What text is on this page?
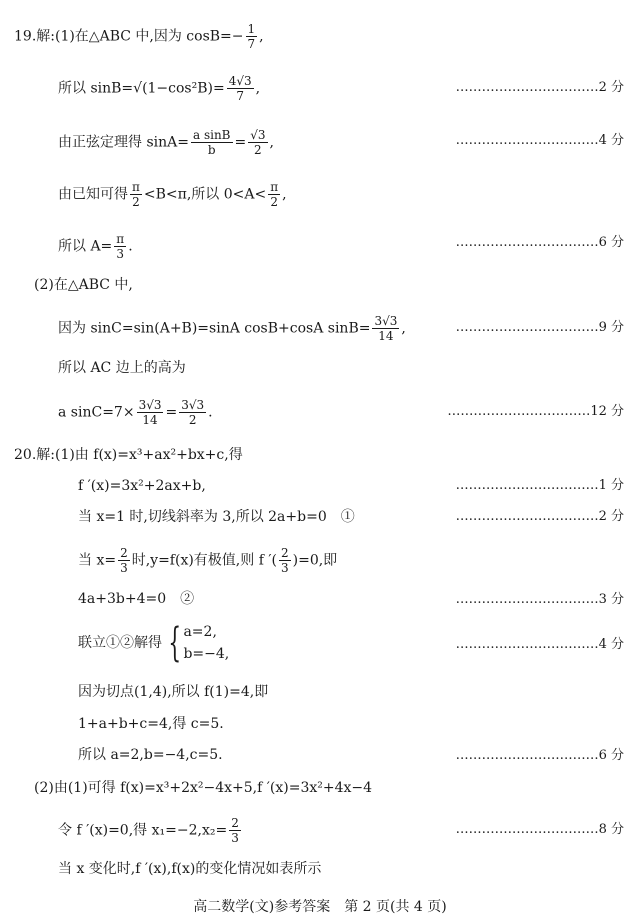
19.解:(1)在△ABC 中,因为 $\cos B=- \frac{1}{7}$ ,
所以 $\sin B=√(1-\cos^2B)= \frac{4√3}{7}$ ,	……………………………2 分
由正弦定理得 $\sin A= \frac{\text{a sinB}}{b} = \frac{√3}{2}$ ,	……………………………4 分
由已知可得 $\frac{\pi}{2} <B<\pi$,所以 $0<A< \frac{\pi}{2}$ ,
所以 $A= \frac{\pi}{3}$ .	……………………………6 分
(2)在△ABC 中,
因为 sinC=sin(A+B)=sinA cosB+cosA $\sin B= \frac{3√3}{14}$ ,	……………………………9 分
所以 AC 边上的高为
a $\sin C=7\times \frac{3√3}{14} = \frac{3√3}{2}$ .	……………………………12 分
20.解:(1)由 f(x)=x³+ax²+bx+c,得
f ′(x)=3x²+2ax+b,	……………………………1 分
当 x=1 时,切线斜率为 3,所以 2a+b=0　①	……………………………2 分
当 $x= \frac{2}{3}$ 时,y=f(x)有极值,则 f ′( $\frac{2}{3} )=0$,即
4a+3b+4=0　②	……………………………3 分
联立①②解得 { a=2,
b=−4,
……………………………4 分
因为切点(1,4),所以 f(1)=4,即
1+a+b+c=4,得 c=5.
所以 a=2,b=−4,c=5.	……………………………6 分
(2)由(1)可得 f(x)=x³+2x²−4x+5,f ′(x)=3x²+4x−4
令 f ′(x)=0,得 $x_1=-2,x_2= \frac{2}{3}$	……………………………8 分
当 x 变化时,f ′(x),f(x)的变化情况如表所示
高二数学(文)参考答案　第 2 页(共 4 页)
